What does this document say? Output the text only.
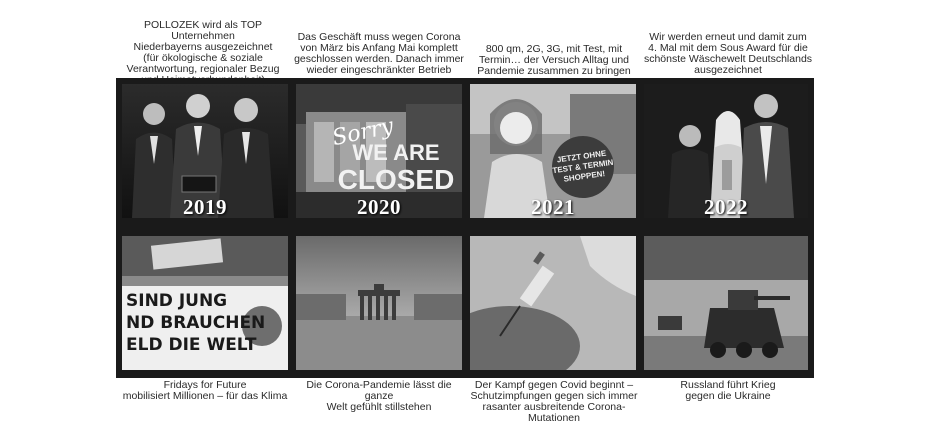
POLLOZEK wird als TOP Unternehmen
Niederbayerns ausgezeichnet
(für ökologische & soziale
Verantwortung, regionaler Bezug

Das Geschäft muss wegen Corona
von März bis Anfang Mai komplett
geschlossen werden. Danach immer
wieder eingeschränkter Betrieb
800 qm, 2G, 3G, mit Test, mit
Termin… der Versuch Alltag und
Pandemie zusammen zu bringen
Wir werden erneut und damit zum
4. Mal mit dem Sous Award für die
schönste Wäschewelt Deutschlands
ausgezeichnet
2019
Sorry
WE ARE
CLOSED
2020
JETZT OHNE
TEST & TERMIN
SHOPPEN!
2021	2022
SIND JUNG
ND BRAUCHEN
ELD DIE WELT
Fridays for Future
mobilisiert Millionen – für das Klima
Die Corona-Pandemie lässt die ganze
Welt gefühlt stillstehen
Der Kampf gegen Covid beginnt –
Schutzimpfungen gegen sich immer
rasanter ausbreitende Corona-
Mutationen
Russland führt Krieg
gegen die Ukraine
